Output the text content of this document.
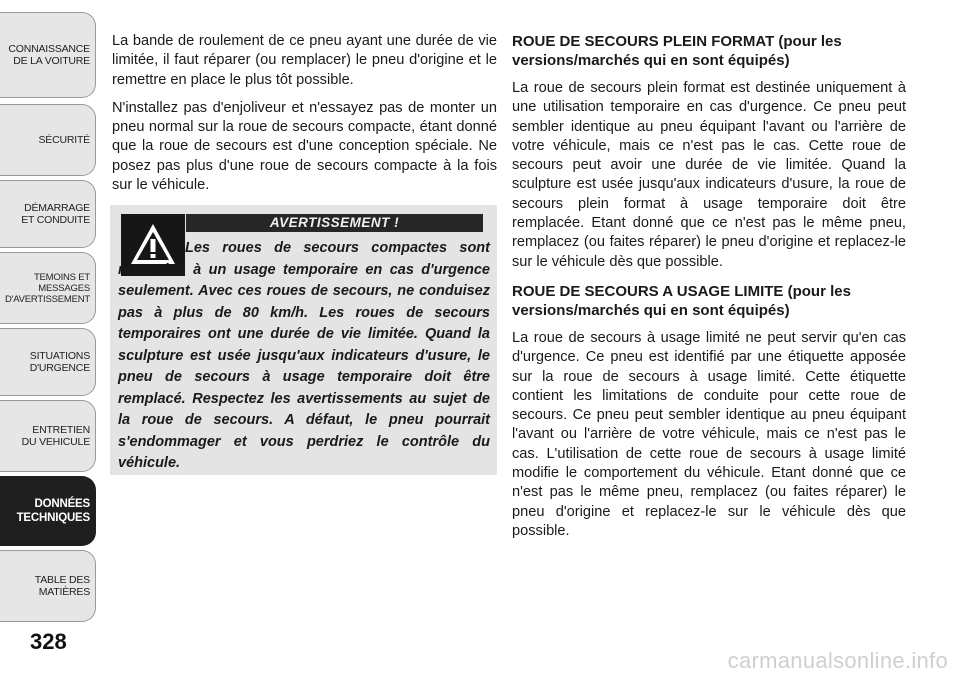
CONNAISSANCE
DE LA VOITURE
SÉCURITÉ
DÉMARRAGE
ET CONDUITE
TEMOINS ET
MESSAGES
D'AVERTISSEMENT
SITUATIONS
D'URGENCE
ENTRETIEN
DU VEHICULE
DONNÉES
TECHNIQUES
TABLE DES
MATIÈRES
328

La bande de roulement de ce pneu ayant une durée de vie limitée, il faut réparer (ou remplacer) le pneu d'origine et le remettre en place le plus tôt possible.

N'installez pas d'enjoliveur et n'essayez pas de monter un pneu normal sur la roue de secours compacte, étant donné que la roue de secours est d'une conception spéciale. Ne posez pas plus d'une roue de secours compacte à la fois sur le véhicule.

AVERTISSEMENT !
Les roues de secours compactes sont réservées à un usage temporaire en cas d'urgence seulement. Avec ces roues de secours, ne conduisez pas à plus de 80 km/h. Les roues de secours temporaires ont une durée de vie limitée. Quand la sculpture est usée jusqu'aux indicateurs d'usure, le pneu de secours à usage temporaire doit être remplacé. Respectez les avertissements au sujet de la roue de secours. A défaut, le pneu pourrait s'endommager et vous perdriez le contrôle du véhicule.

ROUE DE SECOURS PLEIN FORMAT (pour les versions/marchés qui en sont équipés)

La roue de secours plein format est destinée uniquement à une utilisation temporaire en cas d'urgence. Ce pneu peut sembler identique au pneu équipant l'avant ou l'arrière de votre véhicule, mais ce n'est pas le cas. Cette roue de secours peut avoir une durée de vie limitée. Quand la sculpture est usée jusqu'aux indicateurs d'usure, la roue de secours plein format à usage temporaire doit être remplacée. Etant donné que ce n'est pas le même pneu, remplacez (ou faites réparer) le pneu d'origine et replacez-le sur le véhicule dès que possible.

ROUE DE SECOURS A USAGE LIMITE (pour les versions/marchés qui en sont équipés)

La roue de secours à usage limité ne peut servir qu'en cas d'urgence. Ce pneu est identifié par une étiquette apposée sur la roue de secours à usage limité. Cette étiquette contient les limitations de conduite pour cette roue de secours. Ce pneu peut sembler identique au pneu équipant l'avant ou l'arrière de votre véhicule, mais ce n'est pas le cas. L'utilisation de cette roue de secours à usage limité modifie le comportement du véhicule. Etant donné que ce n'est pas le même pneu, remplacez (ou faites réparer) le pneu d'origine et replacez-le sur le véhicule dès que possible.

carmanualsonline.info
